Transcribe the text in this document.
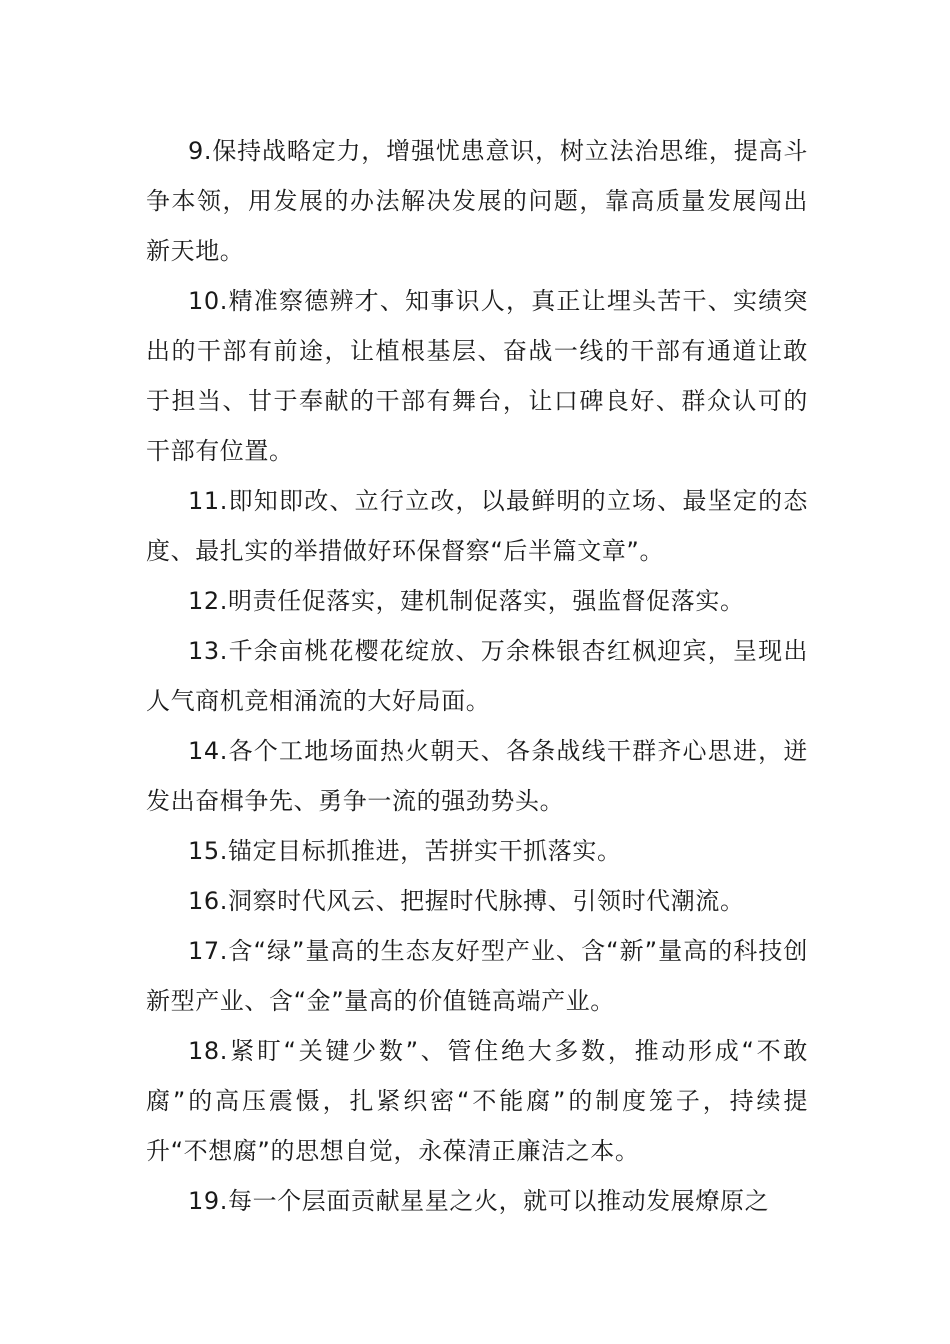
9.保持战略定力，增强忧患意识，树立法治思维，提高斗争本领，用发展的办法解决发展的问题，靠高质量发展闯出新天地。

10.精准察德辨才、知事识人，真正让埋头苦干、实绩突出的干部有前途，让植根基层、奋战一线的干部有通道让敢于担当、甘于奉献的干部有舞台，让口碑良好、群众认可的干部有位置。

11.即知即改、立行立改，以最鲜明的立场、最坚定的态度、最扎实的举措做好环保督察“后半篇文章”。

12.明责任促落实，建机制促落实，强监督促落实。

13.千余亩桃花樱花绽放、万余株银杏红枫迎宾，呈现出人气商机竞相涌流的大好局面。

14.各个工地场面热火朝天、各条战线干群齐心思进，迸发出奋楫争先、勇争一流的强劲势头。

15.锚定目标抓推进，苦拼实干抓落实。

16.洞察时代风云、把握时代脉搏、引领时代潮流。

17.含“绿”量高的生态友好型产业、含“新”量高的科技创新型产业、含“金”量高的价值链高端产业。

18.紧盯“关键少数”、管住绝大多数，推动形成“不敢腐”的高压震慑，扎紧织密“不能腐”的制度笼子，持续提升“不想腐”的思想自觉，永葆清正廉洁之本。

19.每一个层面贡献星星之火，就可以推动发展燎原之
